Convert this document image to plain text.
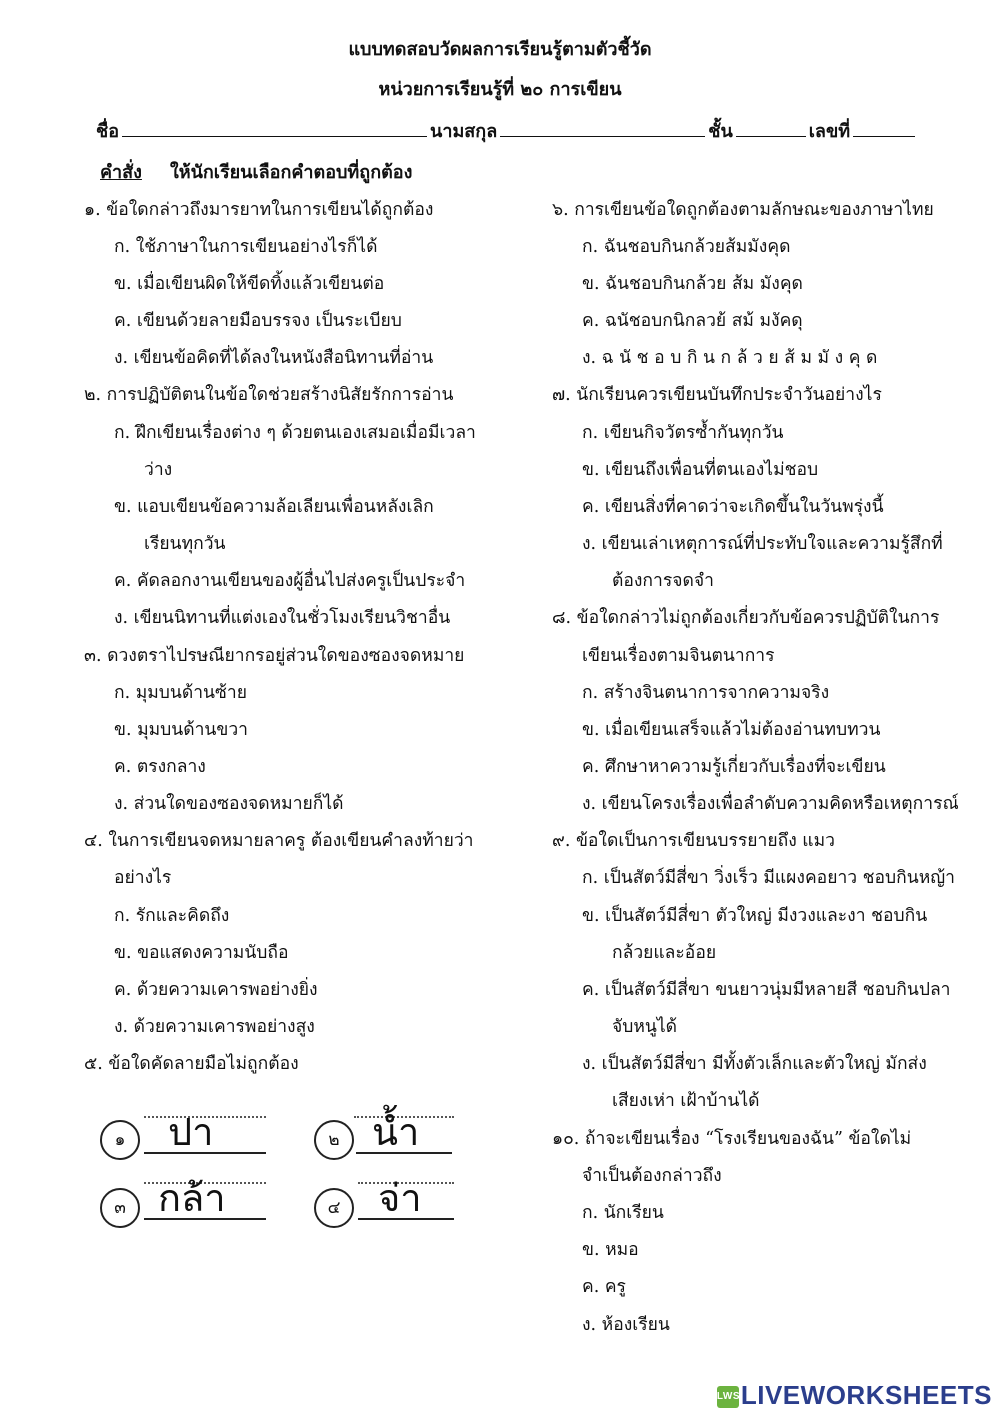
แบบทดสอบวัดผลการเรียนรู้ตามตัวชี้วัด
หน่วยการเรียนรู้ที่ ๒๐ การเขียน
ชื่อ	นามสกุล	ชั้น	เลขที่
คำสั่ง ให้นักเรียนเลือกคำตอบที่ถูกต้อง
๑. ข้อใดกล่าวถึงมารยาทในการเขียนได้ถูกต้อง
ก. ใช้ภาษาในการเขียนอย่างไรก็ได้
ข. เมื่อเขียนผิดให้ขีดทิ้งแล้วเขียนต่อ
ค. เขียนด้วยลายมือบรรจง เป็นระเบียบ
ง. เขียนข้อคิดที่ได้ลงในหนังสือนิทานที่อ่าน
๒. การปฏิบัติตนในข้อใดช่วยสร้างนิสัยรักการอ่าน
ก. ฝึกเขียนเรื่องต่าง ๆ ด้วยตนเองเสมอเมื่อมีเวลา
ว่าง
ข. แอบเขียนข้อความล้อเลียนเพื่อนหลังเลิก
เรียนทุกวัน
ค. คัดลอกงานเขียนของผู้อื่นไปส่งครูเป็นประจำ
ง. เขียนนิทานที่แต่งเองในชั่วโมงเรียนวิชาอื่น
๓. ดวงตราไปรษณียากรอยู่ส่วนใดของซองจดหมาย
ก. มุมบนด้านซ้าย
ข. มุมบนด้านขวา
ค. ตรงกลาง
ง. ส่วนใดของซองจดหมายก็ได้
๔. ในการเขียนจดหมายลาครู ต้องเขียนคำลงท้ายว่า
อย่างไร
ก. รักและคิดถึง
ข. ขอแสดงความนับถือ
ค. ด้วยความเคารพอย่างยิ่ง
ง. ด้วยความเคารพอย่างสูง
๕. ข้อใดคัดลายมือไม่ถูกต้อง
๑	ปา	๒ น้ำ
๓ กล้า	๔ จ่า
๖. การเขียนข้อใดถูกต้องตามลักษณะของภาษาไทย
ก. ฉันชอบกินกล้วยส้มมังคุด
ข. ฉันชอบกินกล้วย ส้ม มังคุด
ค. ฉนัชอบกนิกลวย้ สม้ มงัคดุ
ง. ฉ นั ช อ บ กิ น ก ล้ ว ย ส้ ม มั ง คุ ด
๗. นักเรียนควรเขียนบันทึกประจำวันอย่างไร
ก. เขียนกิจวัตรซ้ำกันทุกวัน
ข. เขียนถึงเพื่อนที่ตนเองไม่ชอบ
ค. เขียนสิ่งที่คาดว่าจะเกิดขึ้นในวันพรุ่งนี้
ง. เขียนเล่าเหตุการณ์ที่ประทับใจและความรู้สึกที่
ต้องการจดจำ
๘. ข้อใดกล่าวไม่ถูกต้องเกี่ยวกับข้อควรปฏิบัติในการ
เขียนเรื่องตามจินตนาการ
ก. สร้างจินตนาการจากความจริง
ข. เมื่อเขียนเสร็จแล้วไม่ต้องอ่านทบทวน
ค. ศึกษาหาความรู้เกี่ยวกับเรื่องที่จะเขียน
ง. เขียนโครงเรื่องเพื่อลำดับความคิดหรือเหตุการณ์
๙. ข้อใดเป็นการเขียนบรรยายถึง แมว
ก. เป็นสัตว์มีสี่ขา วิ่งเร็ว มีแผงคอยาว ชอบกินหญ้า
ข. เป็นสัตว์มีสี่ขา ตัวใหญ่ มีงวงและงา ชอบกิน
กล้วยและอ้อย
ค. เป็นสัตว์มีสี่ขา ขนยาวนุ่มมีหลายสี ชอบกินปลา
จับหนูได้
ง. เป็นสัตว์มีสี่ขา มีทั้งตัวเล็กและตัวใหญ่ มักส่ง
เสียงเห่า เฝ้าบ้านได้
๑๐. ถ้าจะเขียนเรื่อง “โรงเรียนของฉัน” ข้อใดไม่
จำเป็นต้องกล่าวถึง
ก. นักเรียน
ข. หมอ
ค. ครู
ง. ห้องเรียน
LWSLIVEWORKSHEETS
